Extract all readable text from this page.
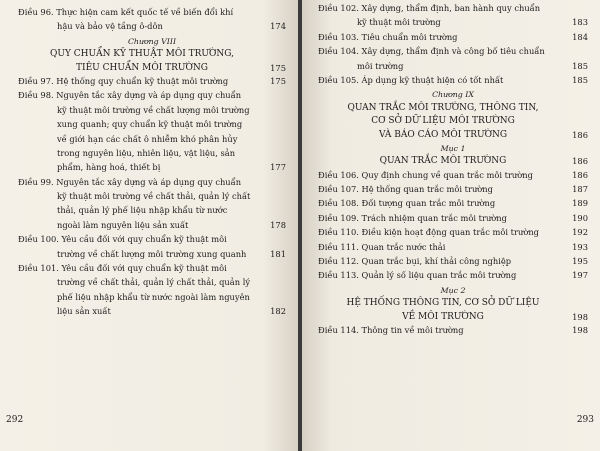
Điều 96. Thực hiện cam kết quốc tế về biến đổi khí
hậu và bảo vệ tầng ô-dôn	174
Chương VIII
QUY CHUẨN KỸ THUẬT MÔI TRƯỜNG,
TIÊU CHUẨN MÔI TRƯỜNG	175
Điều 97. Hệ thống quy chuẩn kỹ thuật môi trường	175
Điều 98. Nguyên tắc xây dựng và áp dụng quy chuẩn
kỹ thuật môi trường về chất lượng môi trường
xung quanh; quy chuẩn kỹ thuật môi trường
về giới hạn các chất ô nhiễm khó phân hủy
trong nguyên liệu, nhiên liệu, vật liệu, sản
phẩm, hàng hoá, thiết bị	177
Điều 99. Nguyên tắc xây dựng và áp dụng quy chuẩn
kỹ thuật môi trường về chất thải, quản lý chất
thải, quản lý phế liệu nhập khẩu từ nước
ngoài làm nguyên liệu sản xuất	178
Điều 100. Yêu cầu đối với quy chuẩn kỹ thuật môi
trường về chất lượng môi trường xung quanh	181
Điều 101. Yêu cầu đối với quy chuẩn kỹ thuật môi
trường về chất thải, quản lý chất thải, quản lý
phế liệu nhập khẩu từ nước ngoài làm nguyên
liệu sản xuất	182
292
Điều 102. Xây dựng, thẩm định, ban hành quy chuẩn
kỹ thuật môi trường	183
Điều 103. Tiêu chuẩn môi trường	184
Điều 104. Xây dựng, thẩm định và công bố tiêu chuẩn
môi trường	185
Điều 105. Áp dụng kỹ thuật hiện có tốt nhất	185
Chương IX
QUAN TRẮC MÔI TRƯỜNG, THÔNG TIN,
CƠ SỞ DỮ LIỆU MÔI TRƯỜNG
VÀ BÁO CÁO MÔI TRƯỜNG	186
Mục 1
QUAN TRẮC MÔI TRƯỜNG	186
Điều 106. Quy định chung về quan trắc môi trường	186
Điều 107. Hệ thống quan trắc môi trường	187
Điều 108. Đối tượng quan trắc môi trường	189
Điều 109. Trách nhiệm quan trắc môi trường	190
Điều 110. Điều kiện hoạt động quan trắc môi trường	192
Điều 111. Quan trắc nước thải	193
Điều 112. Quan trắc bụi, khí thải công nghiệp	195
Điều 113. Quản lý số liệu quan trắc môi trường	197
Mục 2
HỆ THỐNG THÔNG TIN, CƠ SỞ DỮ LIỆU
VỀ MÔI TRƯỜNG	198
Điều 114. Thông tin về môi trường	198
293
